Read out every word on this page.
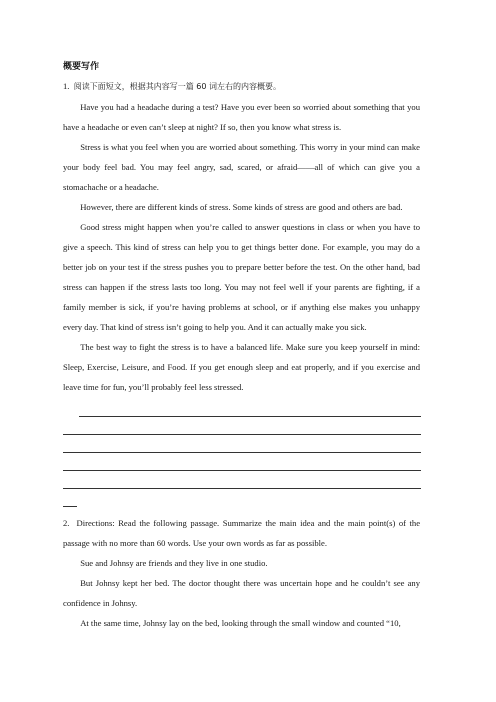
概要写作

1. 阅读下面短文，根据其内容写一篇 60 词左右的内容概要。

Have you had a headache during a test? Have you ever been so worried about something that you have a headache or even can’t sleep at night? If so, then you know what stress is.

Stress is what you feel when you are worried about something. This worry in your mind can make your body feel bad. You may feel angry, sad, scared, or afraid——all of which can give you a stomachache or a headache.

However, there are different kinds of stress. Some kinds of stress are good and others are bad.

Good stress might happen when you’re called to answer questions in class or when you have to give a speech. This kind of stress can help you to get things better done. For example, you may do a better job on your test if the stress pushes you to prepare better before the test. On the other hand, bad stress can happen if the stress lasts too long. You may not feel well if your parents are fighting, if a family member is sick, if you’re having problems at school, or if anything else makes you unhappy every day. That kind of stress isn’t going to help you. And it can actually make you sick.

The best way to fight the stress is to have a balanced life. Make sure you keep yourself in mind: Sleep, Exercise, Leisure, and Food. If you get enough sleep and eat properly, and if you exercise and leave time for fun, you’ll probably feel less stressed.

2. Directions: Read the following passage. Summarize the main idea and the main point(s) of the passage with no more than 60 words. Use your own words as far as possible.

Sue and Johnsy are friends and they live in one studio.

But Johnsy kept her bed. The doctor thought there was uncertain hope and he couldn’t see any confidence in Johnsy.

At the same time, Johnsy lay on the bed, looking through the small window and counted “10,
